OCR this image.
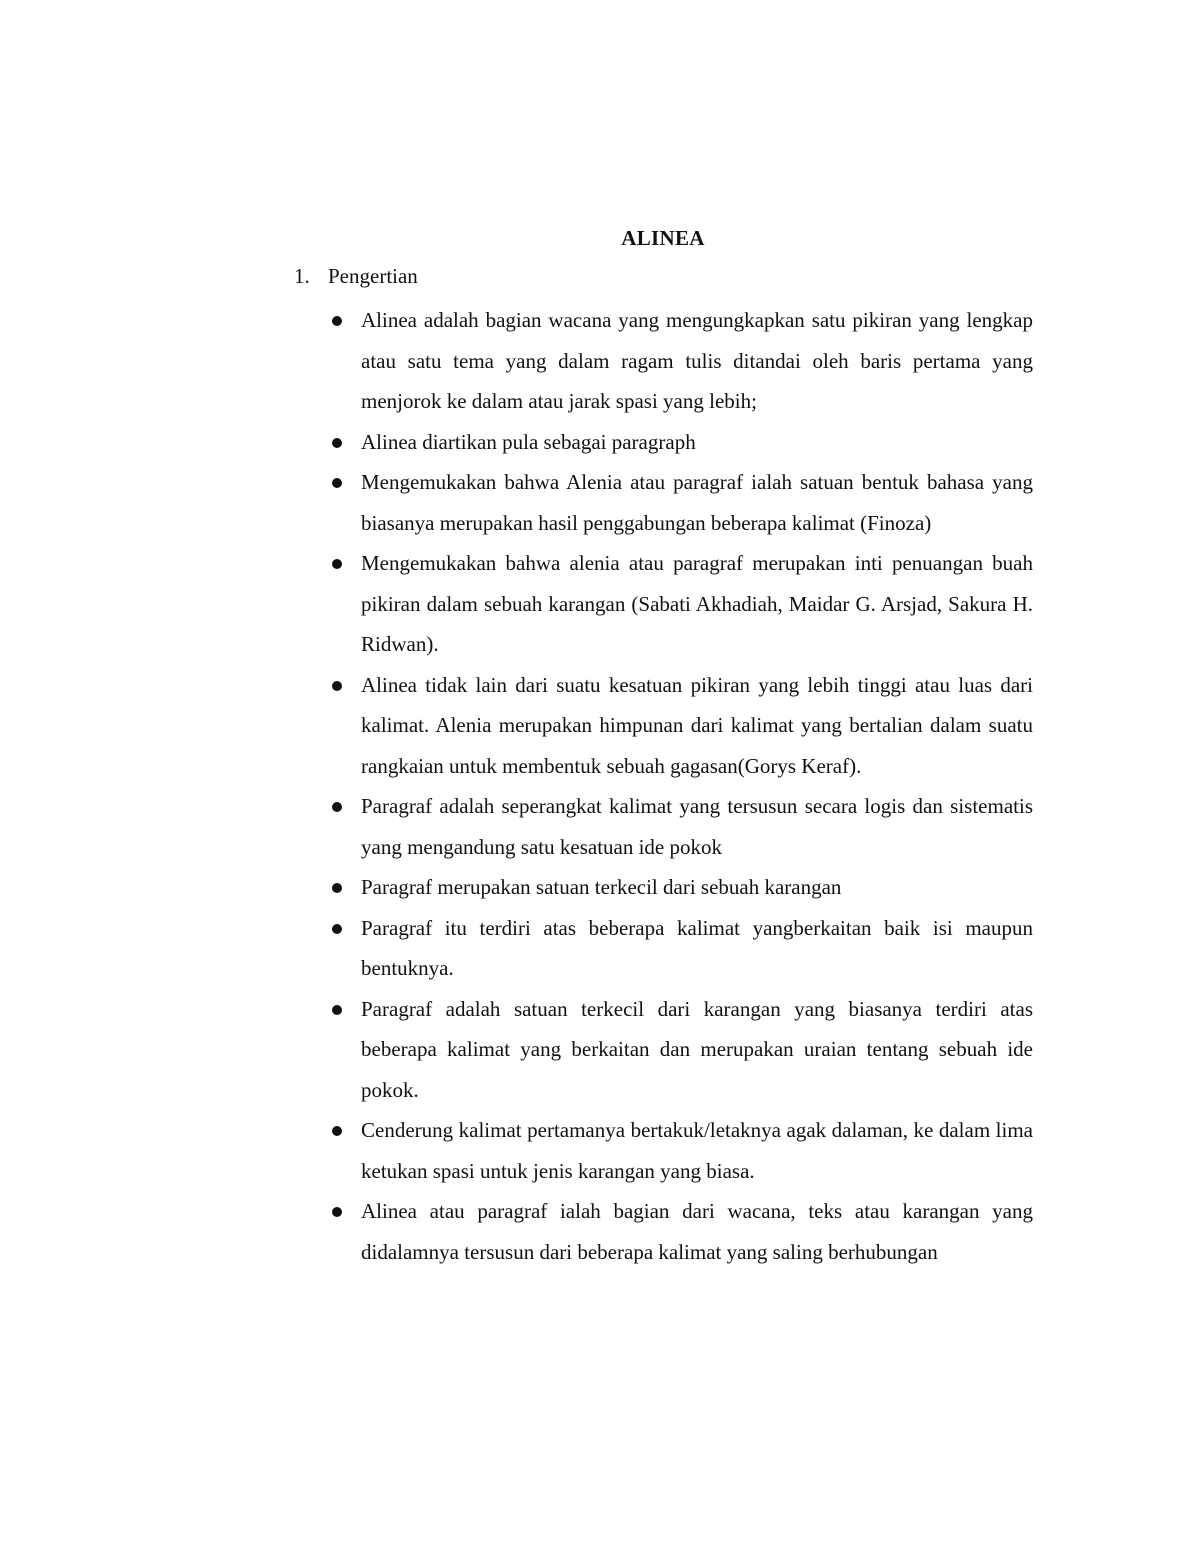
ALINEA
1. Pengertian
Alinea adalah bagian wacana yang mengungkapkan satu pikiran yang lengkap atau satu tema yang dalam ragam tulis ditandai oleh baris pertama yang menjorok ke dalam atau jarak spasi yang lebih;
Alinea diartikan pula sebagai paragraph
Mengemukakan bahwa Alenia atau paragraf ialah satuan bentuk bahasa yang biasanya merupakan hasil penggabungan beberapa kalimat (Finoza)
Mengemukakan bahwa alenia atau paragraf merupakan inti penuangan buah pikiran dalam sebuah karangan (Sabati Akhadiah, Maidar G. Arsjad, Sakura H. Ridwan).
Alinea tidak lain dari suatu kesatuan pikiran yang lebih tinggi atau luas dari kalimat. Alenia merupakan himpunan dari kalimat yang bertalian dalam suatu rangkaian untuk membentuk sebuah gagasan(Gorys Keraf).
Paragraf adalah seperangkat kalimat yang tersusun secara logis dan sistematis yang mengandung satu kesatuan ide pokok
Paragraf merupakan satuan terkecil dari sebuah karangan
Paragraf itu terdiri atas beberapa kalimat yangberkaitan baik isi maupun bentuknya.
Paragraf adalah satuan terkecil dari karangan yang biasanya terdiri atas beberapa kalimat yang berkaitan dan merupakan uraian tentang sebuah ide pokok.
Cenderung kalimat pertamanya bertakuk/letaknya agak dalaman, ke dalam lima ketukan spasi untuk jenis karangan yang biasa.
Alinea atau paragraf ialah bagian dari wacana, teks atau karangan yang didalamnya tersusun dari beberapa kalimat yang saling berhubungan
